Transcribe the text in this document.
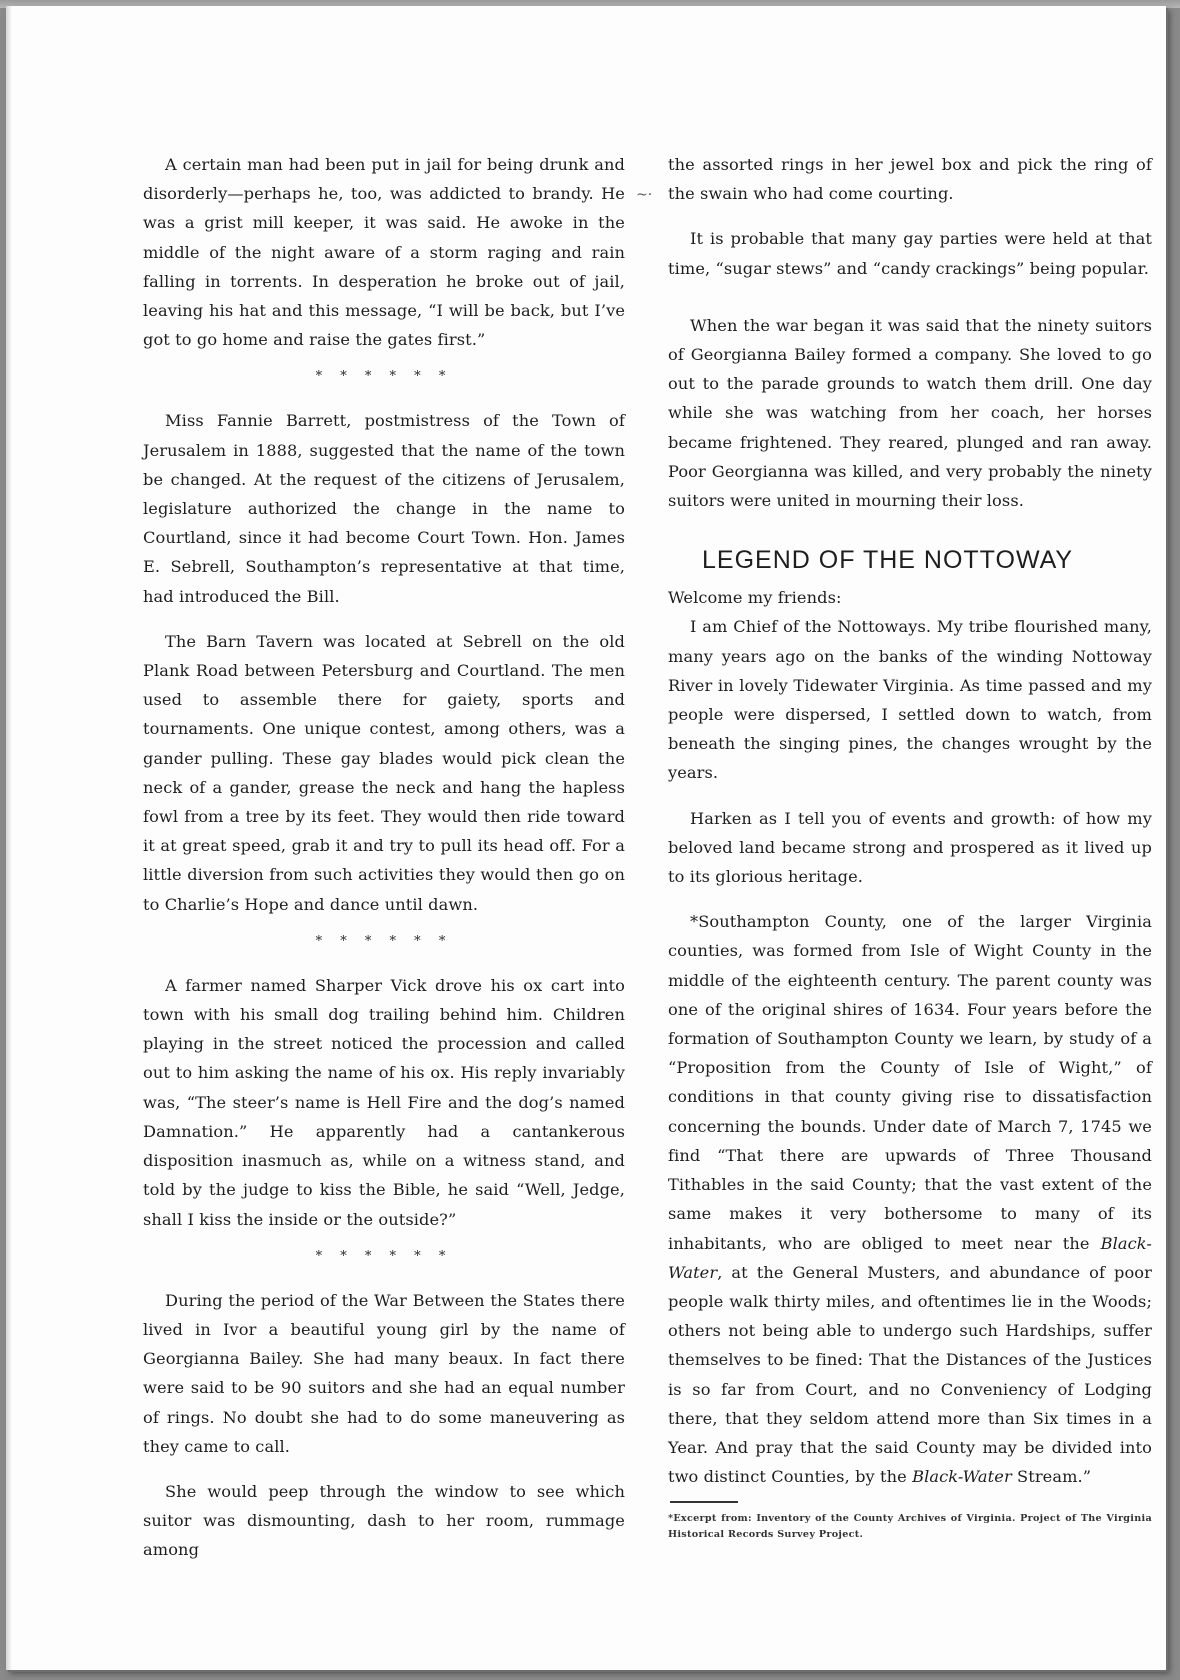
~·

A certain man had been put in jail for being drunk and disorderly—perhaps he, too, was addicted to brandy. He was a grist mill keeper, it was said. He awoke in the middle of the night aware of a storm raging and rain falling in torrents. In desperation he broke out of jail, leaving his hat and this message, “I will be back, but I’ve got to go home and raise the gates first.”

* * * * * *

Miss Fannie Barrett, postmistress of the Town of Jerusalem in 1888, suggested that the name of the town be changed. At the request of the citizens of Jerusalem, legislature authorized the change in the name to Courtland, since it had become Court Town. Hon. James E. Sebrell, Southampton’s representative at that time, had introduced the Bill.

The Barn Tavern was located at Sebrell on the old Plank Road between Petersburg and Courtland. The men used to assemble there for gaiety, sports and tournaments. One unique contest, among others, was a gander pulling. These gay blades would pick clean the neck of a gander, grease the neck and hang the hapless fowl from a tree by its feet. They would then ride toward it at great speed, grab it and try to pull its head off. For a little diversion from such activities they would then go on to Charlie’s Hope and dance until dawn.

* * * * * *

A farmer named Sharper Vick drove his ox cart into town with his small dog trailing behind him. Children playing in the street noticed the procession and called out to him asking the name of his ox. His reply invariably was, “The steer’s name is Hell Fire and the dog’s named Damnation.” He apparently had a cantankerous disposition inasmuch as, while on a witness stand, and told by the judge to kiss the Bible, he said “Well, Jedge, shall I kiss the inside or the outside?”

* * * * * *

During the period of the War Between the States there lived in Ivor a beautiful young girl by the name of Georgianna Bailey. She had many beaux. In fact there were said to be 90 suitors and she had an equal number of rings. No doubt she had to do some maneuvering as they came to call.

She would peep through the window to see which suitor was dismounting, dash to her room, rummage among

the assorted rings in her jewel box and pick the ring of the swain who had come courting.

It is probable that many gay parties were held at that time, “sugar stews” and “candy crackings” being popular.

When the war began it was said that the ninety suitors of Georgianna Bailey formed a company. She loved to go out to the parade grounds to watch them drill. One day while she was watching from her coach, her horses became frightened. They reared, plunged and ran away. Poor Georgianna was killed, and very probably the ninety suitors were united in mourning their loss.

LEGEND OF THE NOTTOWAY

Welcome my friends:

I am Chief of the Nottoways. My tribe flourished many, many years ago on the banks of the winding Nottoway River in lovely Tidewater Virginia. As time passed and my people were dispersed, I settled down to watch, from beneath the singing pines, the changes wrought by the years.

Harken as I tell you of events and growth: of how my beloved land became strong and prospered as it lived up to its glorious heritage.

*Southampton County, one of the larger Virginia counties, was formed from Isle of Wight County in the middle of the eighteenth century. The parent county was one of the original shires of 1634. Four years before the formation of Southampton County we learn, by study of a “Proposition from the County of Isle of Wight,” of conditions in that county giving rise to dissatisfaction concerning the bounds. Under date of March 7, 1745 we find “That there are upwards of Three Thousand Tithables in the said County; that the vast extent of the same makes it very bothersome to many of its inhabitants, who are obliged to meet near the Black-Water, at the General Musters, and abundance of poor people walk thirty miles, and oftentimes lie in the Woods; others not being able to undergo such Hardships, suffer themselves to be fined: That the Distances of the Justices is so far from Court, and no Conveniency of Lodging there, that they seldom attend more than Six times in a Year. And pray that the said County may be divided into two distinct Counties, by the Black-Water Stream.”

*Excerpt from: Inventory of the County Archives of Virginia. Project of The Virginia Historical Records Survey Project.
